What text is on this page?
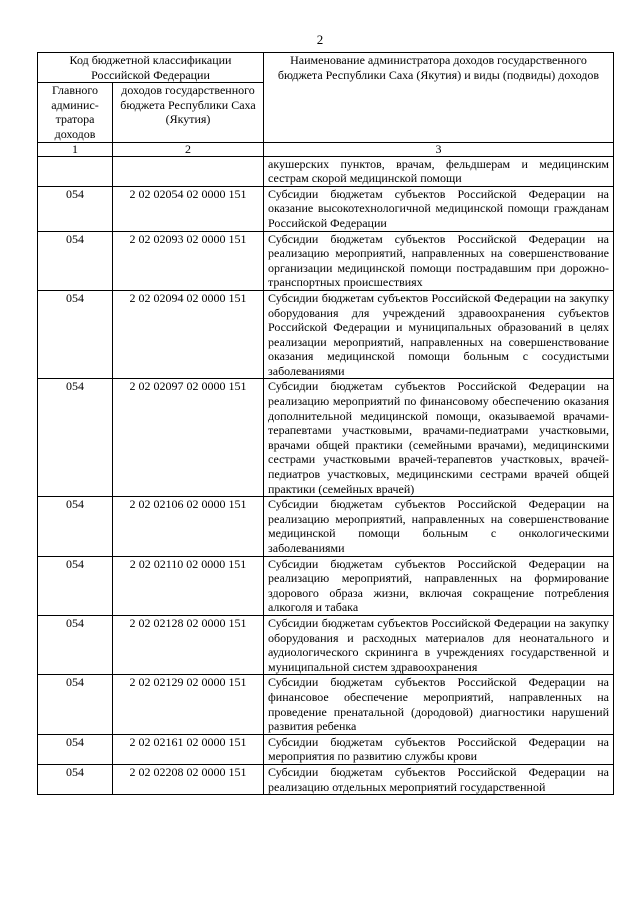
2
Код бюджетной классификации Российской Федерации		Наименование администратора доходов государственного бюджета Республики Саха (Якутия) и виды (подвиды) доходов
Главного админис-тратора доходов	доходов государственного бюджета Республики Саха (Якутия)	
1	2	3
		акушерских пунктов, врачам, фельдшерам и медицинским сестрам скорой медицинской помощи
054	2 02 02054 02 0000 151	Субсидии бюджетам субъектов Российской Федерации на оказание высокотехнологичной медицинской помощи гражданам Российской Федерации
054	2 02 02093 02 0000 151	Субсидии бюджетам субъектов Российской Федерации на реализацию мероприятий, направленных на совершенствование организации медицинской помощи пострадавшим при дорожно-транспортных происшествиях
054	2 02 02094 02 0000 151	Субсидии бюджетам субъектов Российской Федерации на закупку оборудования для учреждений здравоохранения субъектов Российской Федерации и муниципальных образований в целях реализации мероприятий, направленных на совершенствование оказания медицинской помощи больным с сосудистыми заболеваниями
054	2 02 02097 02 0000 151	Субсидии бюджетам субъектов Российской Федерации на реализацию мероприятий по финансовому обеспечению оказания дополнительной медицинской помощи, оказываемой врачами-терапевтами участковыми, врачами-педиатрами участковыми, врачами общей практики (семейными врачами), медицинскими сестрами участковыми врачей-терапевтов участковых, врачей-педиатров участковых, медицинскими сестрами врачей общей практики (семейных врачей)
054	2 02 02106 02 0000 151	Субсидии бюджетам субъектов Российской Федерации на реализацию мероприятий, направленных на совершенствование медицинской помощи больным с онкологическими заболеваниями
054	2 02 02110 02 0000 151	Субсидии бюджетам субъектов Российской Федерации на реализацию мероприятий, направленных на формирование здорового образа жизни, включая сокращение потребления алкоголя и табака
054	2 02 02128 02 0000 151	Субсидии бюджетам субъектов Российской Федерации на закупку оборудования и расходных материалов для неонатального и аудиологического скрининга в учреждениях государственной и муниципальной систем здравоохранения
054	2 02 02129 02 0000 151	Субсидии бюджетам субъектов Российской Федерации на финансовое обеспечение мероприятий, направленных на проведение пренатальной (дородовой) диагностики нарушений развития ребенка
054	2 02 02161 02 0000 151	Субсидии бюджетам субъектов Российской Федерации на мероприятия по развитию службы крови
054	2 02 02208 02 0000 151	Субсидии бюджетам субъектов Российской Федерации на реализацию отдельных мероприятий государственной
